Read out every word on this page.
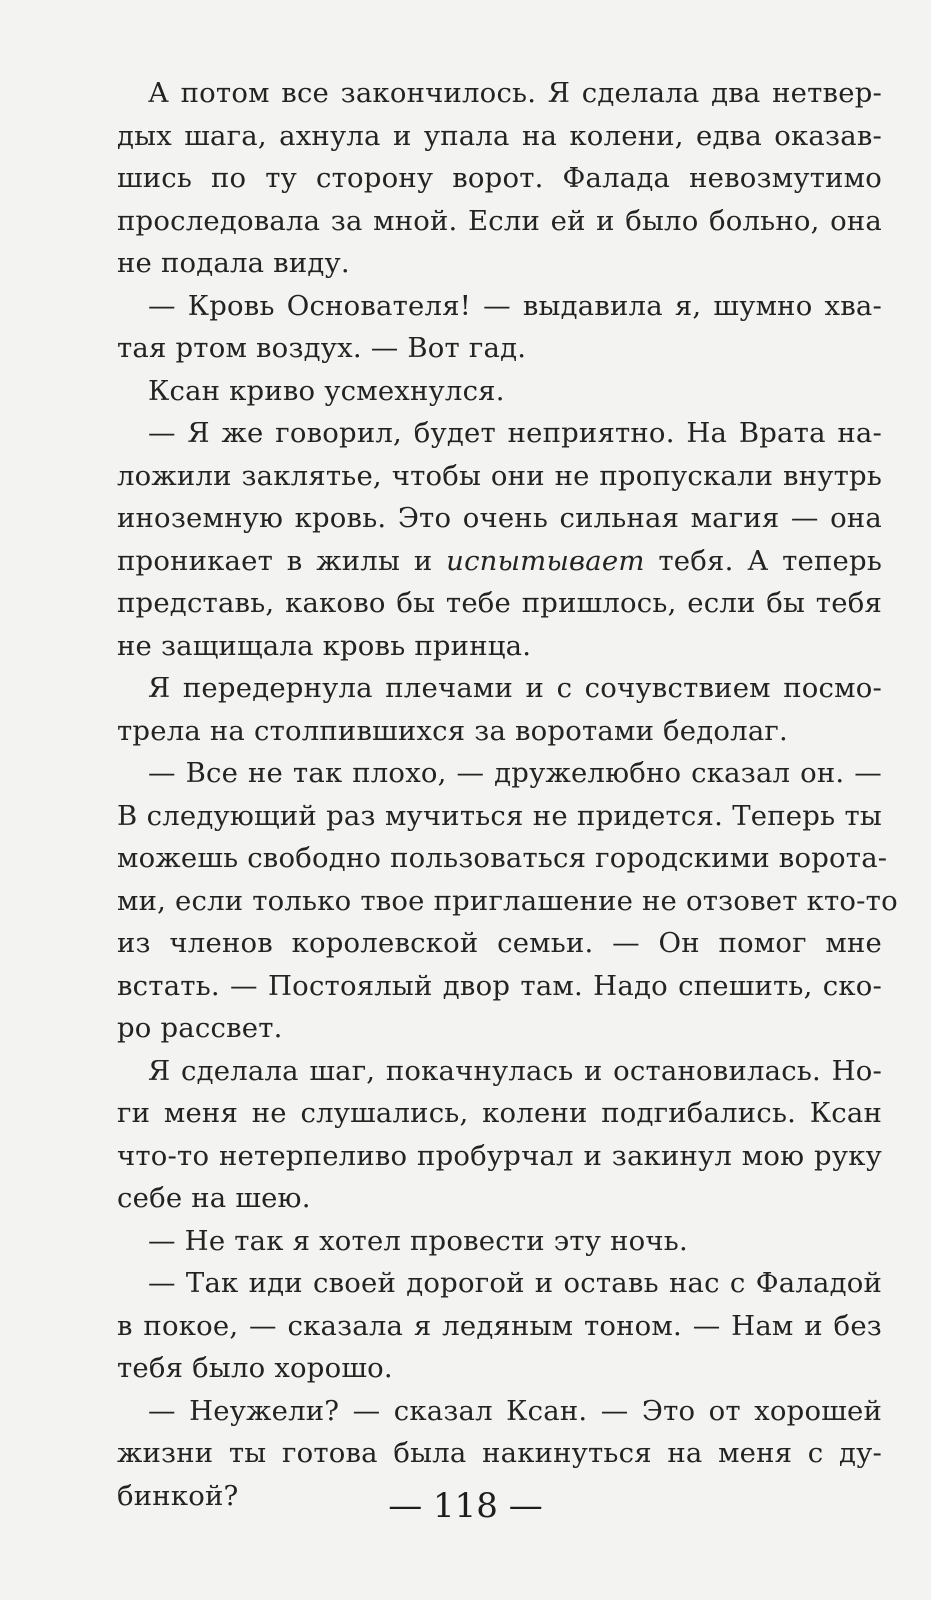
А потом все закончилось. Я сделала два нетвер-
дых шага, ахнула и упала на колени, едва оказав-
шись по ту сторону ворот. Фалада невозмутимо
проследовала за мной. Если ей и было больно, она
не подала виду.

— Кровь Основателя! — выдавила я, шумно хва-
тая ртом воздух. — Вот гад.

Ксан криво усмехнулся.

— Я же говорил, будет неприятно. На Врата на-
ложили заклятье, чтобы они не пропускали внутрь
иноземную кровь. Это очень сильная магия — она
проникает в жилы и испытывает тебя. А теперь
представь, каково бы тебе пришлось, если бы тебя
не защищала кровь принца.

Я передернула плечами и с сочувствием посмо-
трела на столпившихся за воротами бедолаг.

— Все не так плохо, — дружелюбно сказал он. —
В следующий раз мучиться не придется. Теперь ты
можешь свободно пользоваться городскими ворота-
ми, если только твое приглашение не отзовет кто-то
из членов королевской семьи. — Он помог мне
встать. — Постоялый двор там. Надо спешить, ско-
ро рассвет.

Я сделала шаг, покачнулась и остановилась. Но-
ги меня не слушались, колени подгибались. Ксан
что-то нетерпеливо пробурчал и закинул мою руку
себе на шею.

— Не так я хотел провести эту ночь.

— Так иди своей дорогой и оставь нас с Фaладой
в покое, — сказала я ледяным тоном. — Нам и без
тебя было хорошо.

— Неужели? — сказал Ксан. — Это от хорошей
жизни ты готова была накинуться на меня с ду-
бинкой?	— 118 —
